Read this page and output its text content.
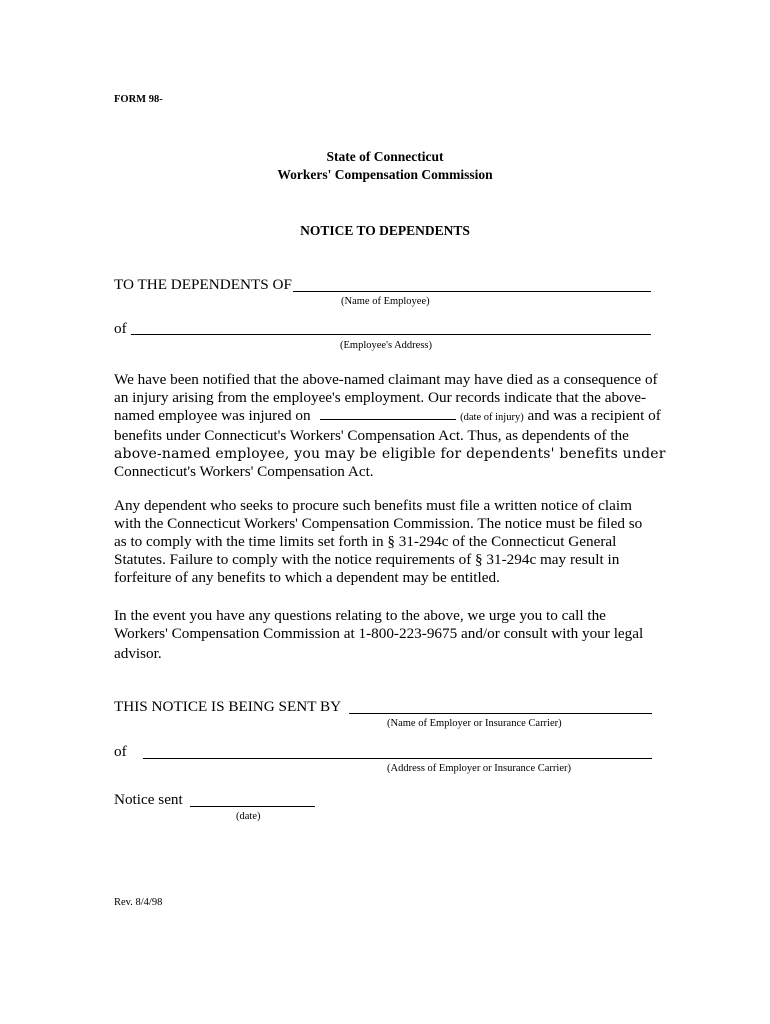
FORM 98-
State of Connecticut
Workers' Compensation Commission
NOTICE TO DEPENDENTS
TO THE DEPENDENTS OF
(Name of Employee)
of
(Employee's Address)
We have been notified that the above-named claimant may have died as a consequence of
an injury arising from the employee's employment. Our records indicate that the above-
named employee was injured on	(date of injury) and was a recipient of
benefits under Connecticut's Workers' Compensation Act. Thus, as dependents of the
above-named employee, you may be eligible for dependents' benefits under
Connecticut's Workers' Compensation Act.
Any dependent who seeks to procure such benefits must file a written notice of claim
with the Connecticut Workers' Compensation Commission. The notice must be filed so
as to comply with the time limits set forth in § 31-294c of the Connecticut General
Statutes. Failure to comply with the notice requirements of § 31-294c may result in
forfeiture of any benefits to which a dependent may be entitled.
In the event you have any questions relating to the above, we urge you to call the
Workers' Compensation Commission at 1-800-223-9675 and/or consult with your legal
advisor.
THIS NOTICE IS BEING SENT BY
(Name of Employer or Insurance Carrier)
of
(Address of Employer or Insurance Carrier)
Notice sent
(date)
Rev. 8/4/98
